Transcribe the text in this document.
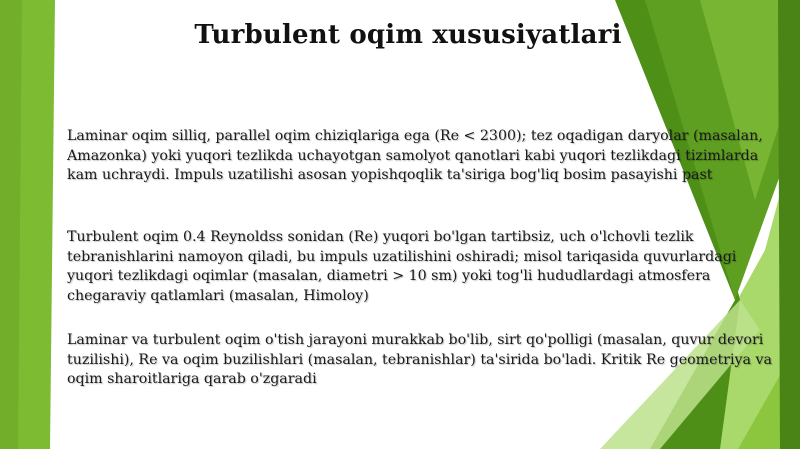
Turbulent oqim xususiyatlari
Laminar oqim silliq, parallel oqim chiziqlariga ega (Re < 2300); tez oqadigan daryolar (masalan, Amazonka) yoki yuqori tezlikda uchayotgan samolyot qanotlari kabi yuqori tezlikdagi tizimlarda kam uchraydi. Impuls uzatilishi asosan yopishqoqlik ta'siriga bog'liq bosim pasayishi past
Turbulent oqim 0.4 Reynoldss sonidan (Re) yuqori bo'lgan tartibsiz, uch o'lchovli tezlik tebranishlarini namoyon qiladi, bu impuls uzatilishini oshiradi; misol tariqasida quvurlardagi yuqori tezlikdagi oqimlar (masalan, diametri > 10 sm) yoki tog'li hududlardagi atmosfera chegaraviy qatlamlari (masalan, Himoloy)
Laminar va turbulent oqim o'tish jarayoni murakkab bo'lib, sirt qo'polligi (masalan, quvur devori tuzilishi), Re va oqim buzilishlari (masalan, tebranishlar) ta'sirida bo'ladi. Kritik Re geometriya va oqim sharoitlariga qarab o'zgaradi
